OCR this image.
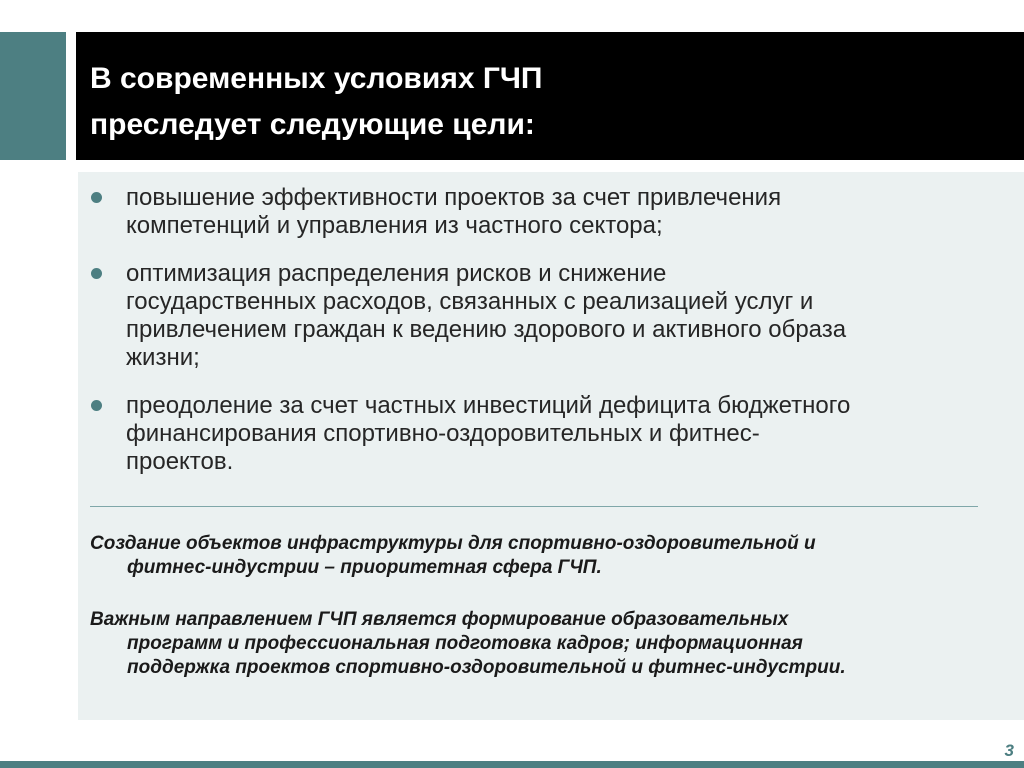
В современных условиях ГЧП
преследует следующие цели:
повышение эффективности проектов за счет привлечения
компетенций и управления из частного сектора;
оптимизация распределения рисков и снижение
государственных расходов, связанных с реализацией услуг и
привлечением граждан к ведению здорового и активного образа
жизни;
преодоление за счет частных инвестиций дефицита бюджетного
финансирования спортивно-оздоровительных и фитнес-
проектов.
Создание объектов инфраструктуры для спортивно-оздоровительной и
фитнес-индустрии – приоритетная сфера ГЧП.
Важным направлением ГЧП является формирование образовательных
программ и профессиональная подготовка кадров; информационная
поддержка проектов спортивно-оздоровительной и фитнес-индустрии.
3
